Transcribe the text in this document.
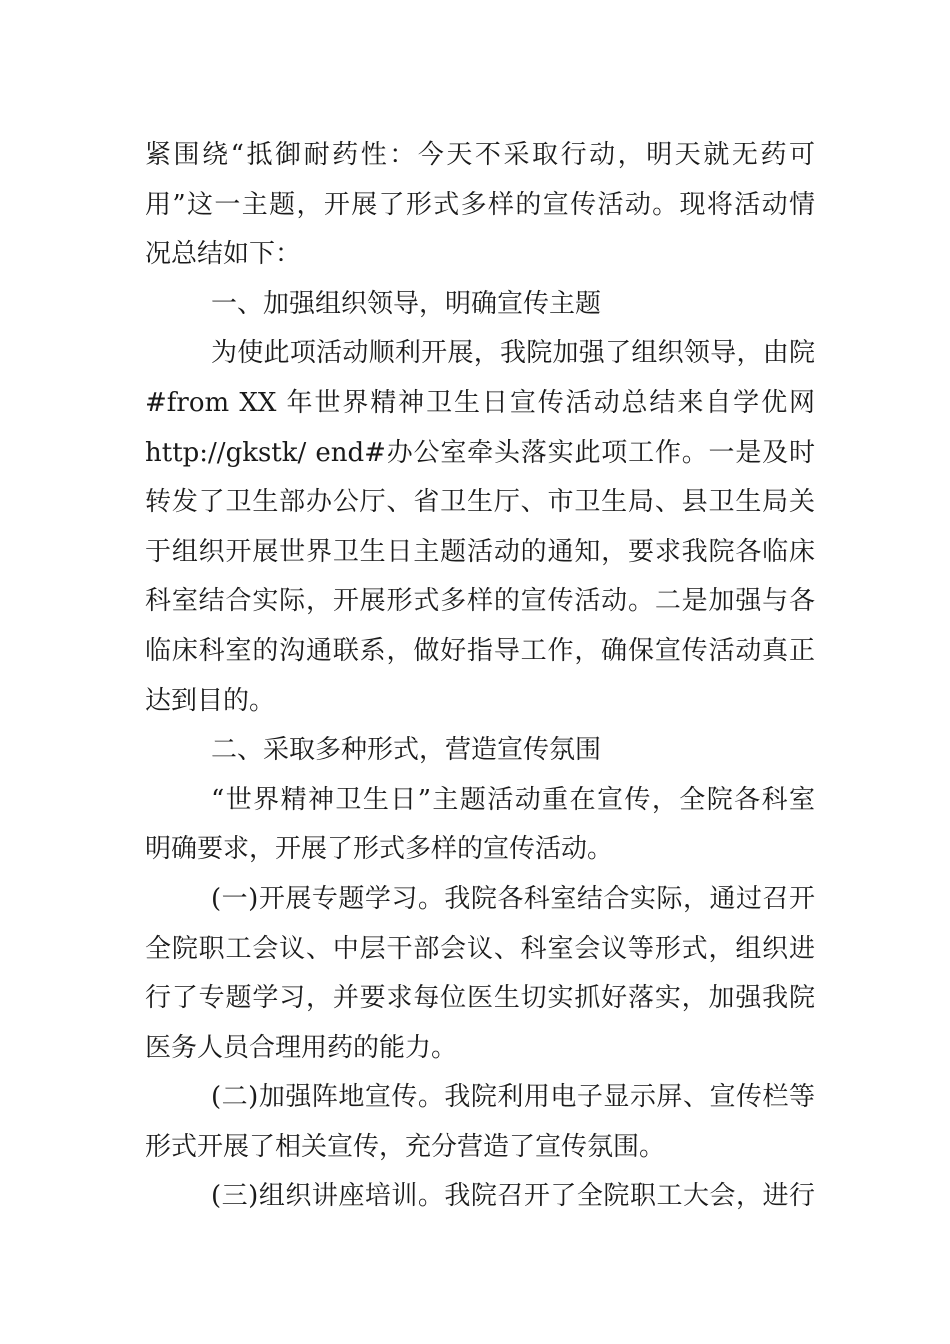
紧围绕“抵御耐药性：今天不采取行动，明天就无药可
用”这一主题，开展了形式多样的宣传活动。现将活动情
况总结如下：
一、加强组织领导，明确宣传主题
为使此项活动顺利开展，我院加强了组织领导，由院
#from XX 年世界精神卫生日宣传活动总结来自学优网
http://gkstk/ end#办公室牵头落实此项工作。一是及时
转发了卫生部办公厅、省卫生厅、市卫生局、县卫生局关
于组织开展世界卫生日主题活动的通知，要求我院各临床
科室结合实际，开展形式多样的宣传活动。二是加强与各
临床科室的沟通联系，做好指导工作，确保宣传活动真正
达到目的。
二、采取多种形式，营造宣传氛围
“世界精神卫生日”主题活动重在宣传，全院各科室
明确要求，开展了形式多样的宣传活动。
(一)开展专题学习。我院各科室结合实际，通过召开
全院职工会议、中层干部会议、科室会议等形式，组织进
行了专题学习，并要求每位医生切实抓好落实，加强我院
医务人员合理用药的能力。
(二)加强阵地宣传。我院利用电子显示屏、宣传栏等
形式开展了相关宣传，充分营造了宣传氛围。
(三)组织讲座培训。我院召开了全院职工大会，进行
